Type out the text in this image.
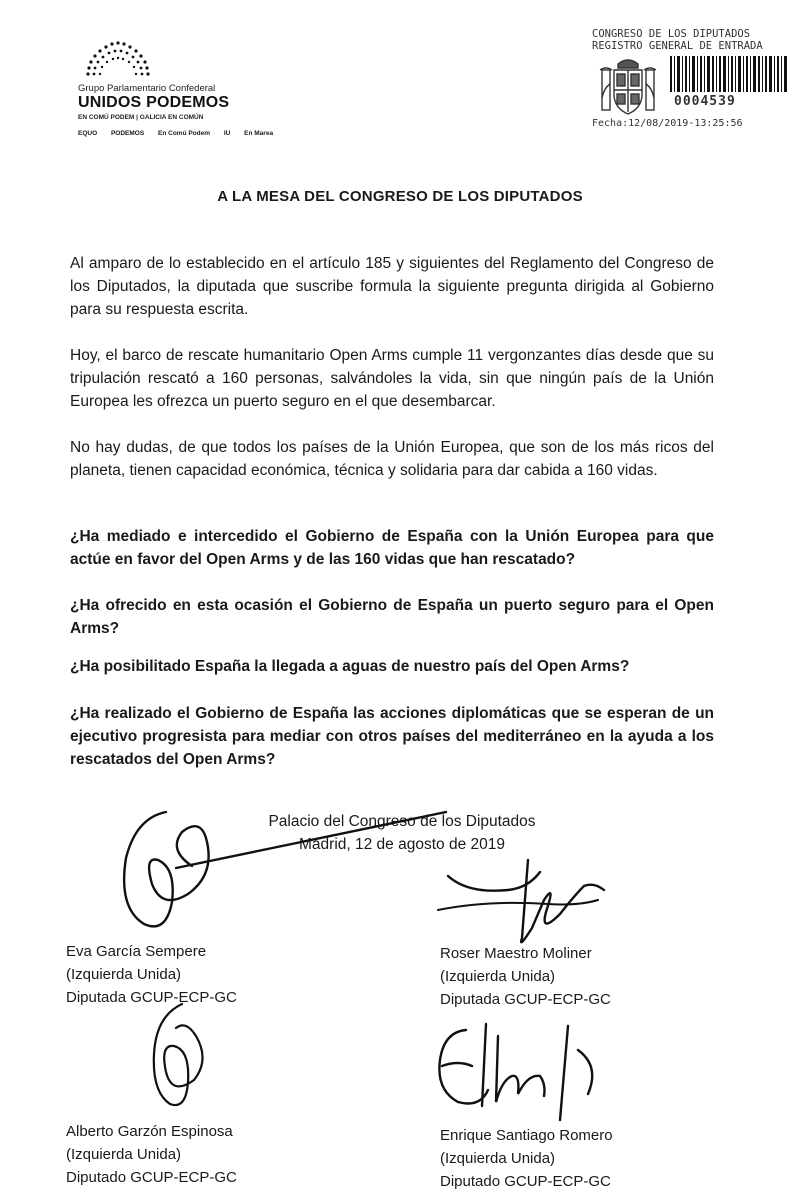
Grupo Parlamentario Confederal
UNIDOS PODEMOS
EN COMÚ PODEM | GALICIA EN COMÚN
EQUO PODEMOS En Comú Podem IU En Marea
CONGRESO DE LOS DIPUTADOS
REGISTRO GENERAL DE ENTRADA
0004539
Fecha:12/08/2019-13:25:56
A LA MESA DEL CONGRESO DE LOS DIPUTADOS

Al amparo de lo establecido en el artículo 185 y siguientes del Reglamento del Congreso de los Diputados, la diputada que suscribe formula la siguiente pregunta dirigida al Gobierno para su respuesta escrita.

Hoy, el barco de rescate humanitario Open Arms cumple 11 vergonzantes días desde que su tripulación rescató a 160 personas, salvándoles la vida, sin que ningún país de la Unión Europea les ofrezca un puerto seguro en el que desembarcar.

No hay dudas, de que todos los países de la Unión Europea, que son de los más ricos del planeta, tienen capacidad económica, técnica y solidaria para dar cabida a 160 vidas.

¿Ha mediado e intercedido el Gobierno de España con la Unión Europea para que actúe en favor del Open Arms y de las 160 vidas que han rescatado?

¿Ha ofrecido en esta ocasión el Gobierno de España un puerto seguro para el Open Arms?

¿Ha posibilitado España la llegada a aguas de nuestro país del Open Arms?

¿Ha realizado el Gobierno de España las acciones diplomáticas que se esperan de un ejecutivo progresista para mediar con otros países del mediterráneo en la ayuda a los rescatados del Open Arms?

Palacio del Congreso de los Diputados
Madrid, 12 de agosto de 2019
Eva García Sempere
(Izquierda Unida)
Diputada GCUP-ECP-GC
Roser Maestro Moliner
(Izquierda Unida)
Diputada GCUP-ECP-GC
Alberto Garzón Espinosa
(Izquierda Unida)
Diputado GCUP-ECP-GC
Enrique Santiago Romero
(Izquierda Unida)
Diputado GCUP-ECP-GC
